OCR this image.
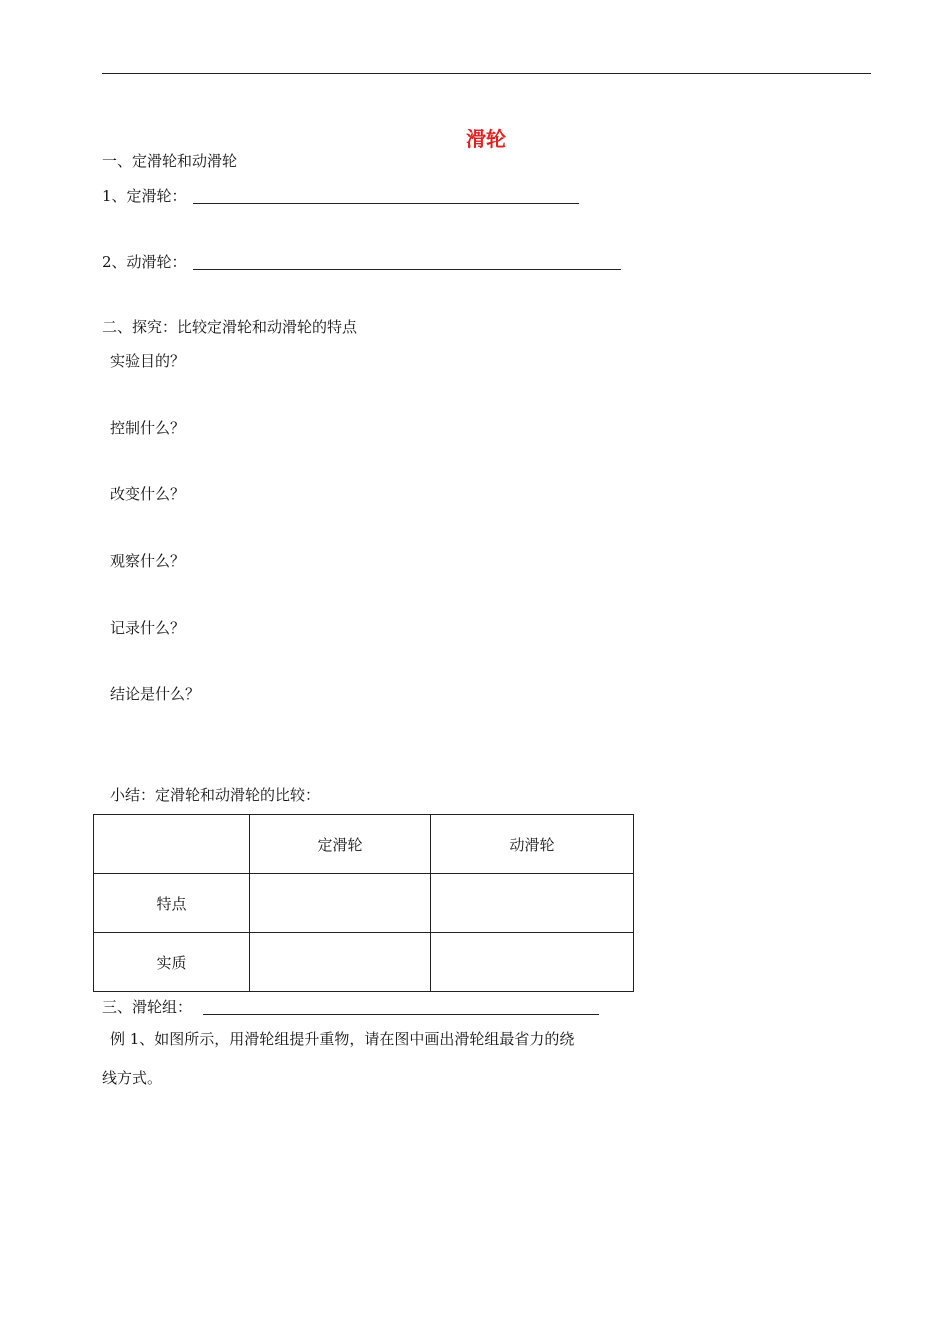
滑轮
一、定滑轮和动滑轮
1、定滑轮：
2、动滑轮：
二、探究：比较定滑轮和动滑轮的特点
实验目的？
控制什么？
改变什么？
观察什么？
记录什么？
结论是什么？
小结：定滑轮和动滑轮的比较：
	定滑轮	动滑轮
特点		
实质		
三、滑轮组：
例 1、如图所示，用滑轮组提升重物，请在图中画出滑轮组最省力的绕
线方式。
